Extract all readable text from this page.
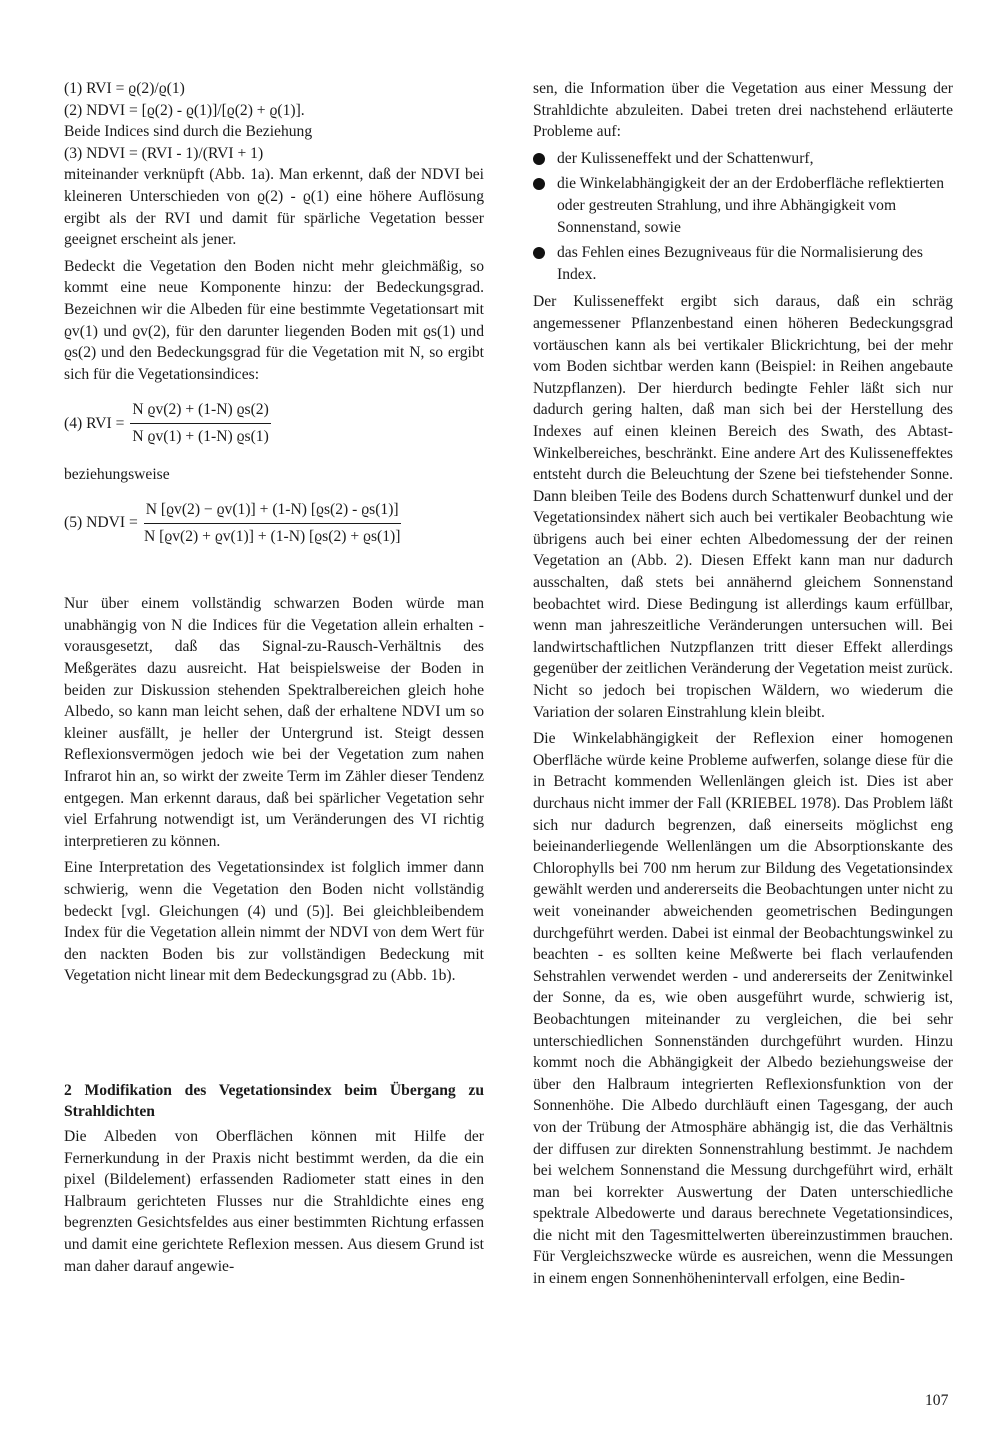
(1) RVI = ϱ(2)/ϱ(1)
(2) NDVI = [ϱ(2) - ϱ(1)]/[ϱ(2) + ϱ(1)].
Beide Indices sind durch die Beziehung
(3) NDVI = (RVI - 1)/(RVI + 1)

miteinander verknüpft (Abb. 1a). Man erkennt, daß der NDVI bei kleineren Unterschieden von ϱ(2) - ϱ(1) eine höhere Auflösung ergibt als der RVI und damit für spärliche Vegetation besser geeignet erscheint als jener.

Bedeckt die Vegetation den Boden nicht mehr gleichmäßig, so kommt eine neue Komponente hinzu: der Bedeckungsgrad. Bezeichnen wir die Albeden für eine bestimmte Vegetationsart mit ϱv(1) und ϱv(2), für den darunter liegenden Boden mit ϱs(1) und ϱs(2) und den Bedeckungsgrad für die Vegetation mit N, so ergibt sich für die Vegetationsindices:

(4) RVI = $\frac{\text{N ϱv(2) + (1-N) ϱs(2)}}{\text{N ϱv(1) + (1-N) ϱs(1)}}$
beziehungsweise
(5) NDVI = $\frac{N [ϱv(2) - ϱv(1)] + (1-N) [ϱs(2) - ϱs(1)]}{N [ϱv(2) + ϱv(1)] + (1-N) [ϱs(2) + ϱs(1)]}$

Nur über einem vollständig schwarzen Boden würde man unabhängig von N die Indices für die Vegetation allein erhalten - vorausgesetzt, daß das Signal-zu-Rausch-Verhältnis des Meßgerätes dazu ausreicht. Hat beispielsweise der Boden in beiden zur Diskussion stehenden Spektralbereichen gleich hohe Albedo, so kann man leicht sehen, daß der erhaltene NDVI um so kleiner ausfällt, je heller der Untergrund ist. Steigt dessen Reflexionsvermögen jedoch wie bei der Vegetation zum nahen Infrarot hin an, so wirkt der zweite Term im Zähler dieser Tendenz entgegen. Man erkennt daraus, daß bei spärlicher Vegetation sehr viel Erfahrung notwendigt ist, um Veränderungen des VI richtig interpretieren zu können.

Eine Interpretation des Vegetationsindex ist folglich immer dann schwierig, wenn die Vegetation den Boden nicht vollständig bedeckt [vgl. Gleichungen (4) und (5)]. Bei gleichbleibendem Index für die Vegetation allein nimmt der NDVI von dem Wert für den nackten Boden bis zur vollständigen Bedeckung mit Vegetation nicht linear mit dem Bedeckungsgrad zu (Abb. 1b).

2 Modifikation des Vegetationsindex beim Übergang zu Strahldichten

Die Albeden von Oberflächen können mit Hilfe der Fernerkundung in der Praxis nicht bestimmt werden, da die ein pixel (Bildelement) erfassenden Radiometer statt eines in den Halbraum gerichteten Flusses nur die Strahldichte eines eng begrenzten Gesichtsfeldes aus einer bestimmten Richtung erfassen und damit eine gerichtete Reflexion messen. Aus diesem Grund ist man daher darauf angewie-

sen, die Information über die Vegetation aus einer Messung der Strahldichte abzuleiten. Dabei treten drei nachstehend erläuterte Probleme auf:

der Kulisseneffekt und der Schattenwurf,
die Winkelabhängigkeit der an der Erdoberfläche reflektierten oder gestreuten Strahlung, und ihre Abhängigkeit vom Sonnenstand, sowie
das Fehlen eines Bezugniveaus für die Normalisierung des Index.

Der Kulisseneffekt ergibt sich daraus, daß ein schräg angemessener Pflanzenbestand einen höheren Bedeckungsgrad vortäuschen kann als bei vertikaler Blickrichtung, bei der mehr vom Boden sichtbar werden kann (Beispiel: in Reihen angebaute Nutzpflanzen). Der hierdurch bedingte Fehler läßt sich nur dadurch gering halten, daß man sich bei der Herstellung des Indexes auf einen kleinen Bereich des Swath, des Abtast-Winkelbereiches, beschränkt. Eine andere Art des Kulisseneffektes entsteht durch die Beleuchtung der Szene bei tiefstehender Sonne. Dann bleiben Teile des Bodens durch Schattenwurf dunkel und der Vegetationsindex nähert sich auch bei vertikaler Beobachtung wie übrigens auch bei einer echten Albedomessung der der reinen Vegetation an (Abb. 2). Diesen Effekt kann man nur dadurch ausschalten, daß stets bei annähernd gleichem Sonnenstand beobachtet wird. Diese Bedingung ist allerdings kaum erfüllbar, wenn man jahreszeitliche Veränderungen untersuchen will. Bei landwirtschaftlichen Nutzpflanzen tritt dieser Effekt allerdings gegenüber der zeitlichen Veränderung der Vegetation meist zurück. Nicht so jedoch bei tropischen Wäldern, wo wiederum die Variation der solaren Einstrahlung klein bleibt.

Die Winkelabhängigkeit der Reflexion einer homogenen Oberfläche würde keine Probleme aufwerfen, solange diese für die in Betracht kommenden Wellenlängen gleich ist. Dies ist aber durchaus nicht immer der Fall (KRIEBEL 1978). Das Problem läßt sich nur dadurch begrenzen, daß einerseits möglichst eng beieinanderliegende Wellenlängen um die Absorptionskante des Chlorophylls bei 700 nm herum zur Bildung des Vegetationsindex gewählt werden und andererseits die Beobachtungen unter nicht zu weit voneinander abweichenden geometrischen Bedingungen durchgeführt werden. Dabei ist einmal der Beobachtungswinkel zu beachten - es sollten keine Meßwerte bei flach verlaufenden Sehstrahlen verwendet werden - und andererseits der Zenitwinkel der Sonne, da es, wie oben ausgeführt wurde, schwierig ist, Beobachtungen miteinander zu vergleichen, die bei sehr unterschiedlichen Sonnenständen durchgeführt wurden. Hinzu kommt noch die Abhängigkeit der Albedo beziehungsweise der über den Halbraum integrierten Reflexionsfunktion von der Sonnenhöhe. Die Albedo durchläuft einen Tagesgang, der auch von der Trübung der Atmosphäre abhängig ist, die das Verhältnis der diffusen zur direkten Sonnenstrahlung bestimmt. Je nachdem bei welchem Sonnenstand die Messung durchgeführt wird, erhält man bei korrekter Auswertung der Daten unterschiedliche spektrale Albedowerte und daraus berechnete Vegetationsindices, die nicht mit den Tagesmittelwerten übereinzustimmen brauchen. Für Vergleichszwecke würde es ausreichen, wenn die Messungen in einem engen Sonnenhöhenintervall erfolgen, eine Bedin-

107
